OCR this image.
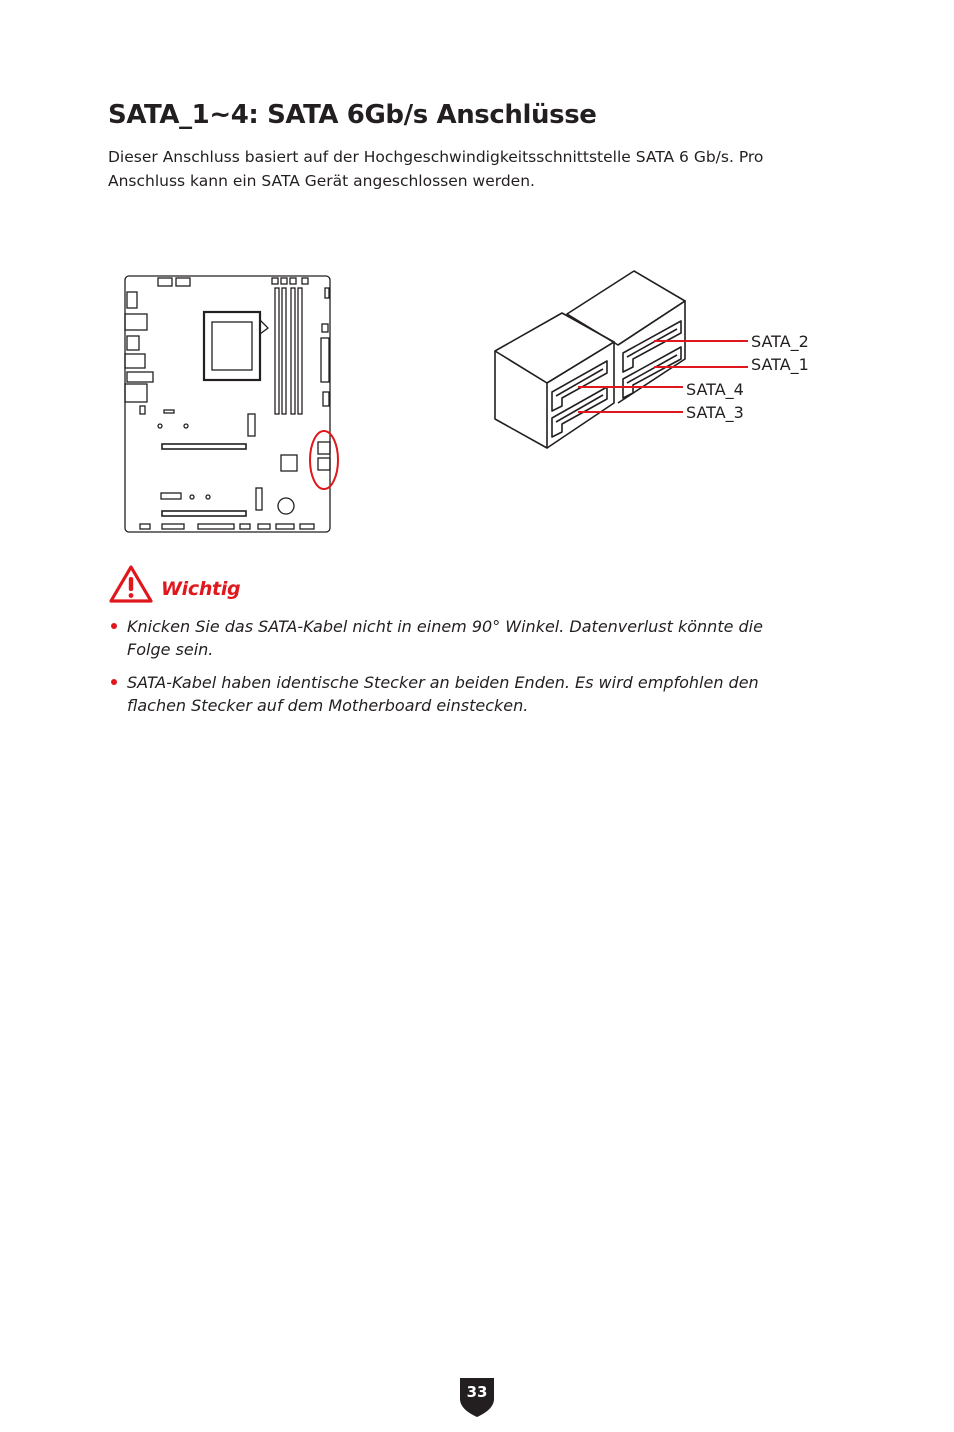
SATA_1~4: SATA 6Gb/s Anschlüsse

Dieser Anschluss basiert auf der Hochgeschwindigkeitsschnittstelle SATA 6 Gb/s. Pro
Anschluss kann ein SATA Gerät angeschlossen werden.

SATA_2
SATA_1
SATA_4
SATA_3

Wichtig

Knicken Sie das SATA-Kabel nicht in einem 90° Winkel. Datenverlust könnte die
Folge sein.
SATA-Kabel haben identische Stecker an beiden Enden. Es wird empfohlen den
flachen Stecker auf dem Motherboard einstecken.
33
